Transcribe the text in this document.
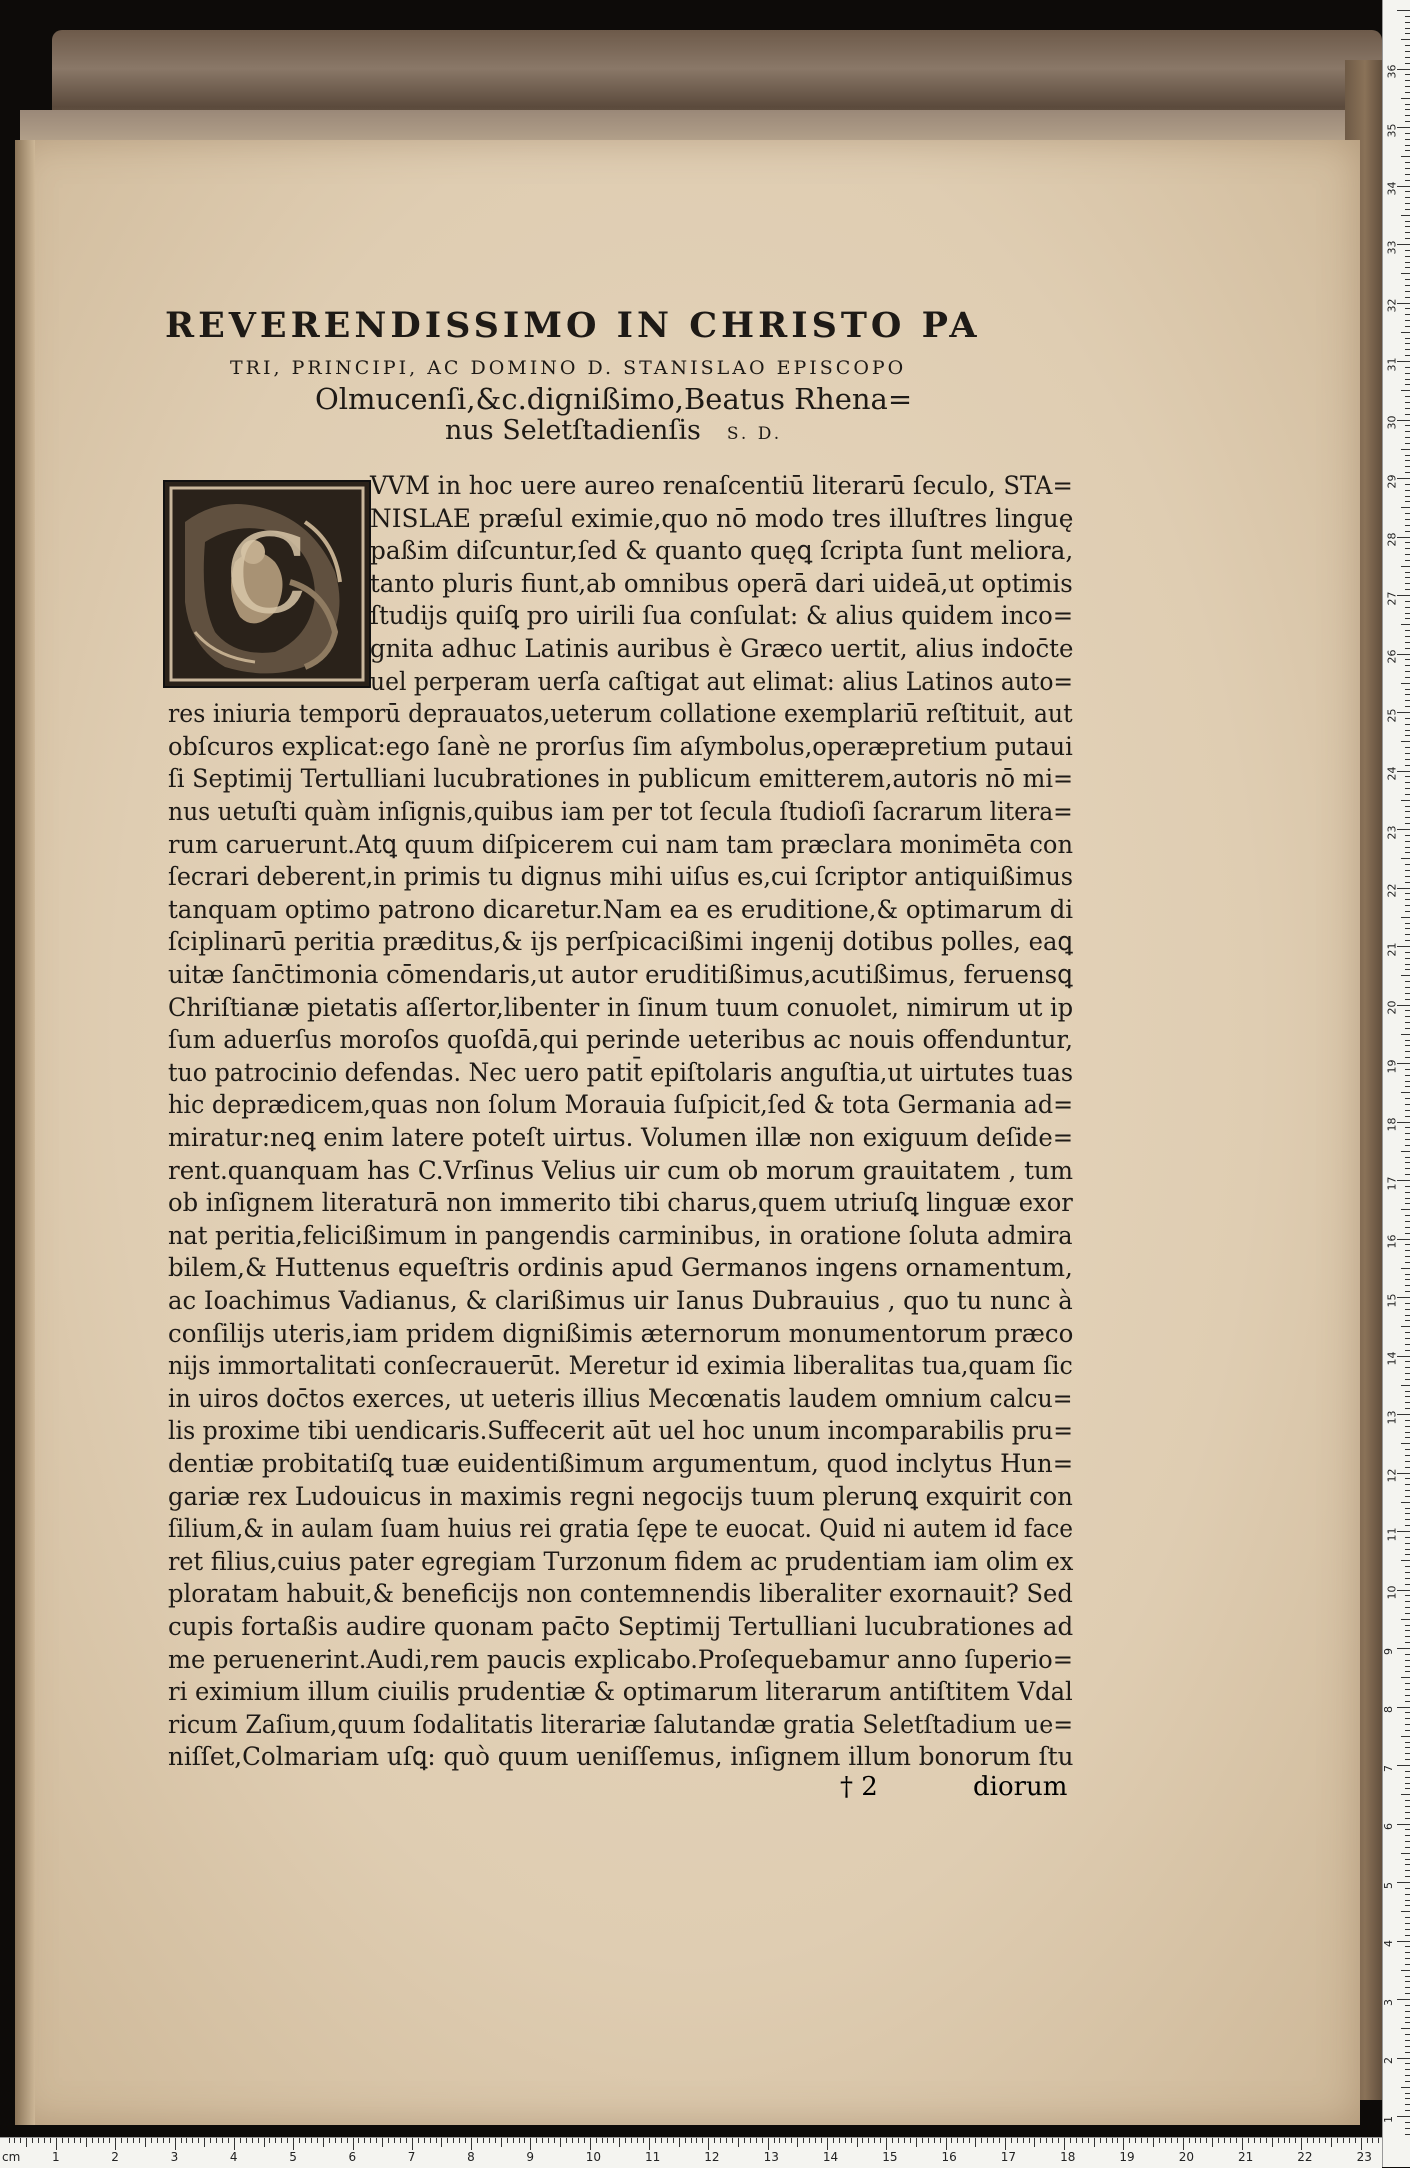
REVERENDISSIMO IN CHRISTO PA
TRI, PRINCIPI, AC DOMINO D. STANISLAO EPISCOPO
Olmucenſi,&c.dignißimo,Beatus Rhena=
nus Seletſtadienſis S. D.
C
VVM in hoc uere aureo renaſcentiū literarū ſeculo, STA=
NISLAE præſul eximie,quo nō modo tres illuſtres linguę
paßim diſcuntur,ſed & quanto quęꝗ ſcripta ſunt meliora,
tanto pluris fiunt,ab omnibus operā dari uideā,ut optimis
ſtudijs quiſꝗ pro uirili ſua conſulat: & alius quidem inco=
gnita adhuc Latinis auribus è Græco uertit, alius indoc̄te
uel perperam uerſa caſtigat aut elimat: alius Latinos auto=
res iniuria temporū deprauatos,ueterum collatione exemplariū reſtituit, aut
obſcuros explicat:ego ſanè ne prorſus ſim aſymbolus,operæpretium putaui
ſi Septimij Tertulliani lucubrationes in publicum emitterem,autoris nō mi=
nus uetuſti quàm inſignis,quibus iam per tot ſecula ſtudioſi ſacrarum litera=
rum caruerunt.Atꝗ quum diſpicerem cui nam tam præclara monimēta con
ſecrari deberent,in primis tu dignus mihi uiſus es,cui ſcriptor antiquißimus
tanquam optimo patrono dicaretur.Nam ea es eruditione,& optimarum di
ſciplinarū peritia præditus,& ijs perſpicacißimi ingenij dotibus polles, eaꝗ
uitæ ſanc̄timonia cōmendaris,ut autor eruditißimus,acutißimus, feruensꝗ
Chriſtianæ pietatis aſſertor,libenter in ſinum tuum conuolet, nimirum ut ip
ſum aduerſus moroſos quoſdā,qui perinde ueteribus ac nouis offenduntur,
tuo patrocinio defendas. Nec uero patit̄ epiſtolaris anguſtia,ut uirtutes tuas
hic deprædicem,quas non ſolum Morauia ſuſpicit,ſed & tota Germania ad=
miratur:neꝗ enim latere poteſt uirtus. Volumen illæ non exiguum deſide=
rent.quanquam has C.Vrſinus Velius uir cum ob morum grauitatem , tum
ob inſignem literaturā non immerito tibi charus,quem utriuſꝗ linguæ exor
nat peritia,felicißimum in pangendis carminibus, in oratione ſoluta admira
bilem,& Huttenus equeſtris ordinis apud Germanos ingens ornamentum,
ac Ioachimus Vadianus, & clarißimus uir Ianus Dubrauius , quo tu nunc à
conſilijs uteris,iam pridem dignißimis æternorum monumentorum præco
nijs immortalitati conſecrauerūt. Meretur id eximia liberalitas tua,quam ſic
in uiros doc̄tos exerces, ut ueteris illius Mecœnatis laudem omnium calcu=
lis proxime tibi uendicaris.Suffecerit aūt uel hoc unum incomparabilis pru=
dentiæ probitatiſꝗ tuæ euidentißimum argumentum, quod inclytus Hun=
gariæ rex Ludouicus in maximis regni negocijs tuum plerunꝗ exquirit con
ſilium,& in aulam ſuam huius rei gratia ſępe te euocat. Quid ni autem id face
ret filius,cuius pater egregiam Turzonum fidem ac prudentiam iam olim ex
ploratam habuit,& beneficijs non contemnendis liberaliter exornauit? Sed
cupis fortaßis audire quonam pac̄to Septimij Tertulliani lucubrationes ad
me peruenerint.Audi,rem paucis explicabo.Proſequebamur anno ſuperio=
ri eximium illum ciuilis prudentiæ & optimarum literarum antiſtitem Vdal
ricum Zaſium,quum ſodalitatis literariæ ſalutandæ gratia Seletſtadium ue=
niſſet,Colmariam uſꝗ: quò quum ueniſſemus, inſignem illum bonorum ſtu
† 2	diorum
36
35
34
33
32
31
30
29
28
27
26
25
24
23
22
21
20
19
18
17
16
15
14
13
12
11
10
9
8
7
6
5
4
3
2
1
cm	1	2	3	4	5	6	7	8	9	10	11	12	13	14	15	16	17	18	19	20	21	22	23
